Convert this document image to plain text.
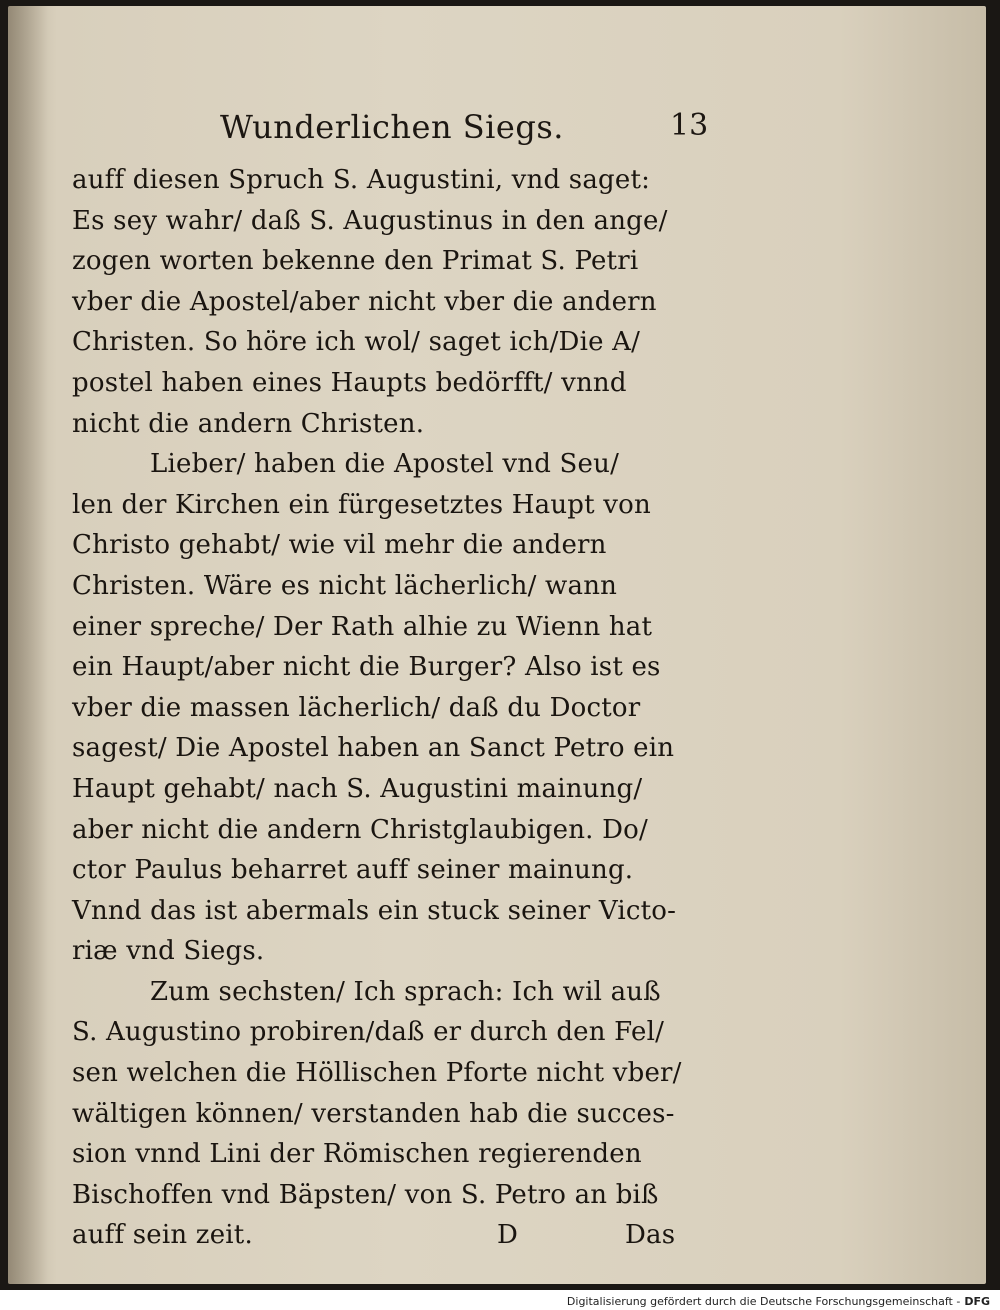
Wunderlichen Siegs.	13
auff diesen Spruch S. Augustini, vnd saget:
Es sey wahr/ daß S. Augustinus in den ange/
zogen worten bekenne den Primat S. Petri
vber die Apostel/aber nicht vber die andern
Christen. So höre ich wol/ saget ich/Die A/
postel haben eines Haupts bedörfft/ vnnd
nicht die andern Christen.
Lieber/ haben die Apostel vnd Seu/
len der Kirchen ein fürgesetztes Haupt von
Christo gehabt/ wie vil mehr die andern
Christen. Wäre es nicht lächerlich/ wann
einer spreche/ Der Rath alhie zu Wienn hat
ein Haupt/aber nicht die Burger? Also ist es
vber die massen lächerlich/ daß du Doctor
sagest/ Die Apostel haben an Sanct Petro ein
Haupt gehabt/ nach S. Augustini mainung/
aber nicht die andern Christglaubigen. Do/
ctor Paulus beharret auff seiner mainung.
Vnnd das ist abermals ein stuck seiner Victo-
riæ vnd Siegs.
Zum sechsten/ Ich sprach: Ich wil auß
S. Augustino probiren/daß er durch den Fel/
sen welchen die Höllischen Pforte nicht vber/
wältigen können/ verstanden hab die succes-
sion vnnd Lini der Römischen regierenden
Bischoffen vnd Bäpsten/ von S. Petro an biß
auff sein zeit.	D	Das
Digitalisierung gefördert durch die Deutsche Forschungsgemeinschaft - DFG
